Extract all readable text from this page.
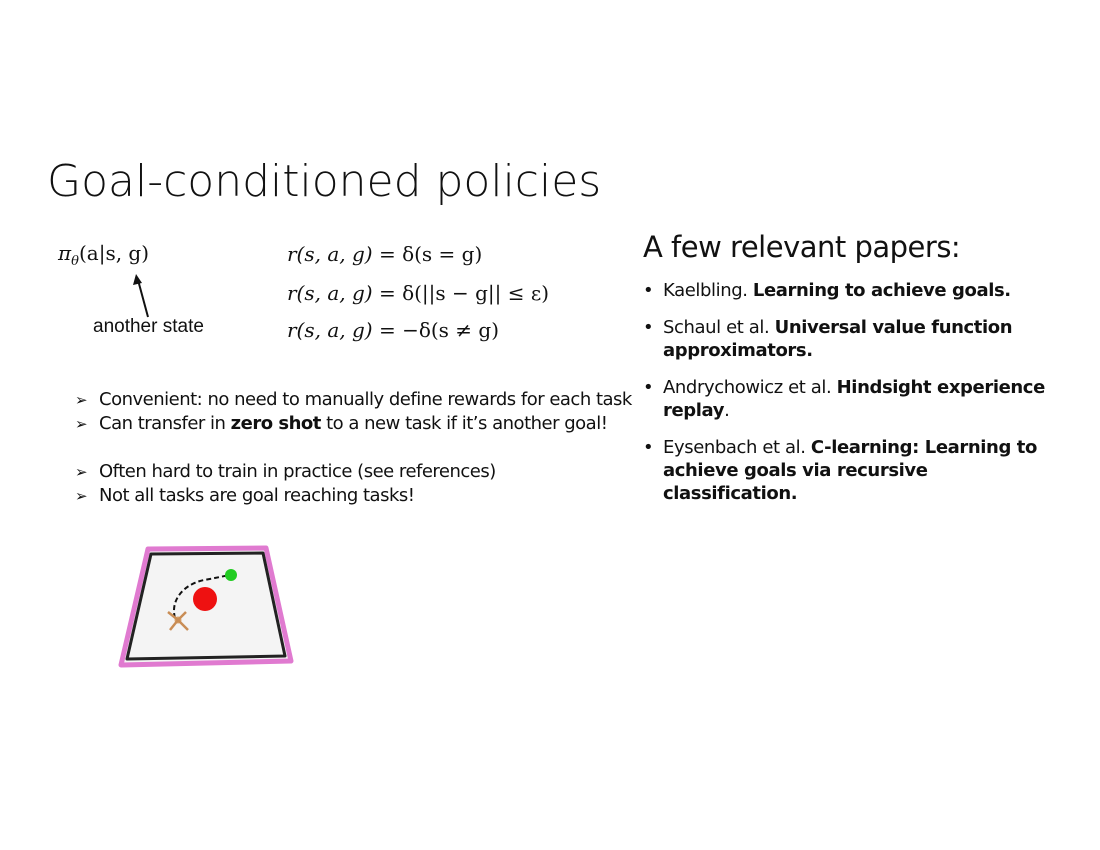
Goal-conditioned policies
$\pi_\theta(a|s$, g)
another state
r(s, a, g) = δ(s = g)
r(s, a, g) = δ(||s − g|| ≤ ε)
r(s, a, g) = −δ(s ≠ g)
➢ Convenient: no need to manually define rewards for each task
➢ Can transfer in zero shot to a new task if it’s another goal!
➢ Often hard to train in practice (see references)
➢ Not all tasks are goal reaching tasks!
A few relevant papers:
• Kaelbling. Learning to achieve goals.
• Schaul et al. Universal value function approximators.
• Andrychowicz et al. Hindsight experience replay.
• Eysenbach et al. C-learning: Learning to achieve goals via recursive classification.
